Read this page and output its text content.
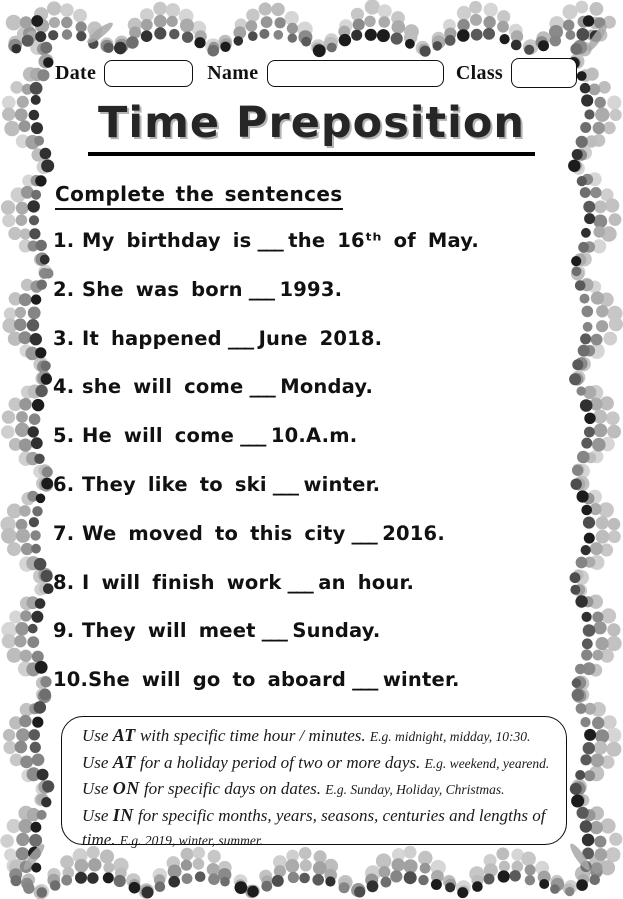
Date	Name	Class
Time Preposition
Complete the sentences
1. My birthday is ___ the 16ᵗʰ of May.
2. She was born ___ 1993.
3. It happened ___ June 2018.
4. she will come ___ Monday.
5. He will come ___ 10.A.m.
6. They like to ski ___ winter.
7. We moved to this city ___ 2016.
8. I will finish work ___ an hour.
9. They will meet ___ Sunday.
10.She will go to aboard ___ winter.

Use AT with specific time hour / minutes. E.g. midnight, midday, 10:30.

Use AT for a holiday period of two or more days. E.g. weekend, yearend.

Use ON for specific days on dates. E.g. Sunday, Holiday, Christmas.

Use IN for specific months, years, seasons, centuries and lengths of time. E.g. 2019, winter, summer.
